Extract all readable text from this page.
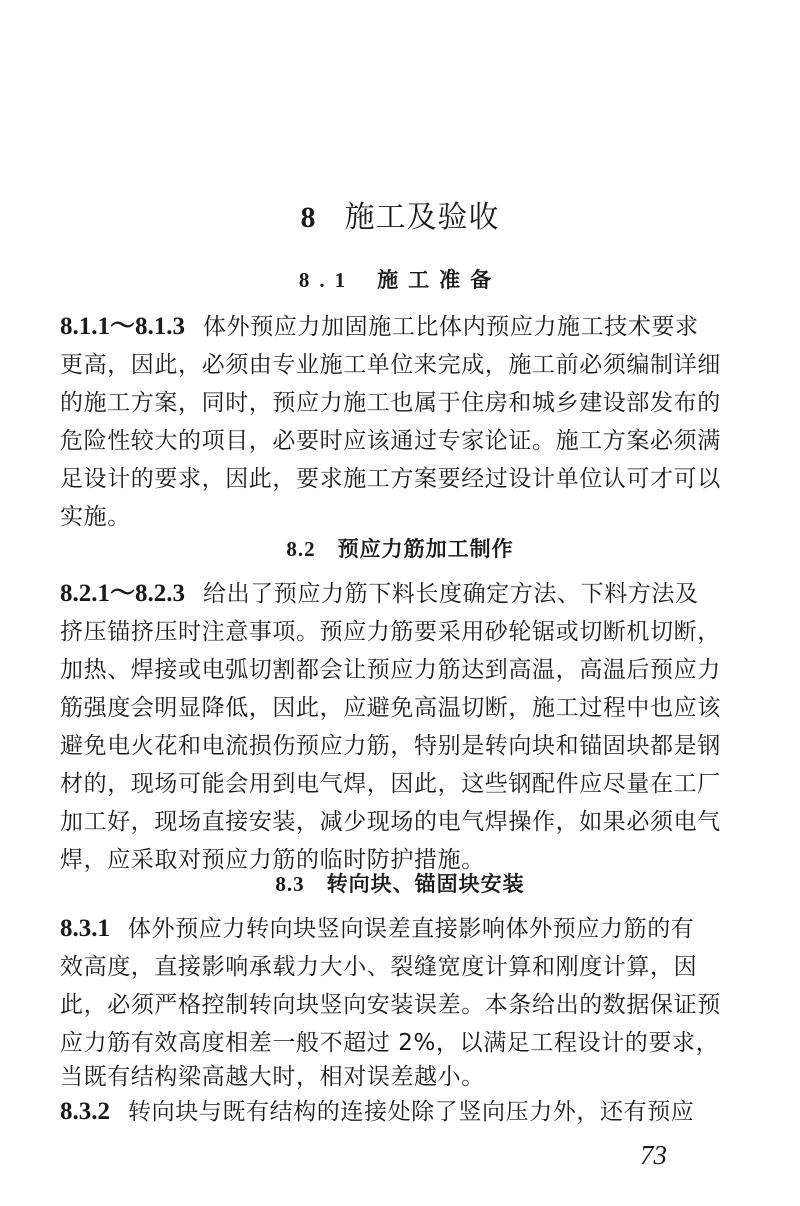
8 施工及验收
8.1 施工准备
8.1.1～8.1.3 体外预应力加固施工比体内预应力施工技术要求
更高，因此，必须由专业施工单位来完成，施工前必须编制详细
的施工方案，同时，预应力施工也属于住房和城乡建设部发布的
危险性较大的项目，必要时应该通过专家论证。施工方案必须满
足设计的要求，因此，要求施工方案要经过设计单位认可才可以
实施。
8.2 预应力筋加工制作
8.2.1～8.2.3 给出了预应力筋下料长度确定方法、下料方法及
挤压锚挤压时注意事项。预应力筋要采用砂轮锯或切断机切断，
加热、焊接或电弧切割都会让预应力筋达到高温，高温后预应力
筋强度会明显降低，因此，应避免高温切断，施工过程中也应该
避免电火花和电流损伤预应力筋，特别是转向块和锚固块都是钢
材的，现场可能会用到电气焊，因此，这些钢配件应尽量在工厂
加工好，现场直接安装，减少现场的电气焊操作，如果必须电气
焊，应采取对预应力筋的临时防护措施。
8.3 转向块、锚固块安装
8.3.1 体外预应力转向块竖向误差直接影响体外预应力筋的有
效高度，直接影响承载力大小、裂缝宽度计算和刚度计算，因
此，必须严格控制转向块竖向安装误差。本条给出的数据保证预
应力筋有效高度相差一般不超过 2%，以满足工程设计的要求，
当既有结构梁高越大时，相对误差越小。
8.3.2 转向块与既有结构的连接处除了竖向压力外，还有预应
73
